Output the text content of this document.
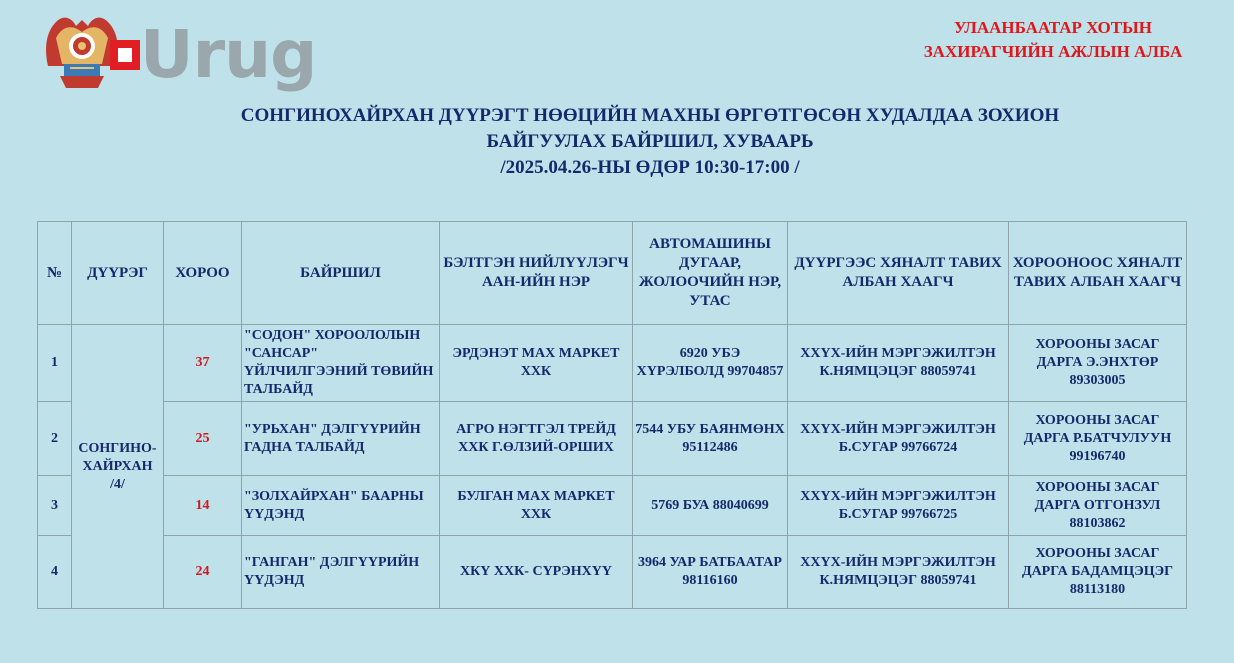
Urug	УЛААНБААТАР ХОТЫН
ЗАХИРАГЧИЙН АЖЛЫН АЛБА
СОНГИНОХАЙРХАН ДҮҮРЭГТ НӨӨЦИЙН МАХНЫ ӨРГӨТГӨСӨН ХУДАЛДАА ЗОХИОН
БАЙГУУЛАХ БАЙРШИЛ, ХУВААРЬ
/2025.04.26-НЫ ӨДӨР 10:30-17:00 /
№	ДҮҮРЭГ	ХОРОО	БАЙРШИЛ	БЭЛТГЭН НИЙЛҮҮЛЭГЧ ААН-ИЙН НЭР	АВТОМАШИНЫ ДУГААР, ЖОЛООЧИЙН НЭР, УТАС	ДҮҮРГЭЭС ХЯНАЛТ ТАВИХ АЛБАН ХААГЧ	ХОРООНООС ХЯНАЛТ ТАВИХ АЛБАН ХААГЧ
1	СОНГИНО-ХАЙРХАН /4/	37	"СОДОН" ХОРООЛОЛЫН "САНСАР" ҮЙЛЧИЛГЭЭНИЙ ТӨВИЙН ТАЛБАЙД	ЭРДЭНЭТ МАХ МАРКЕТ ХХК	6920 УБЭ ХҮРЭЛБОЛД 99704857	ХХҮХ-ИЙН МЭРГЭЖИЛТЭН К.НЯМЦЭЦЭГ 88059741	ХОРООНЫ ЗАСАГ ДАРГА Э.ЭНХТӨР 89303005
2		25	"УРЬХАН" ДЭЛГҮҮРИЙН ГАДНА ТАЛБАЙД	АГРО НЭГТГЭЛ ТРЕЙД ХХК Г.ӨЛЗИЙ-ОРШИХ	7544 УБУ БАЯНМӨНХ 95112486	ХХҮХ-ИЙН МЭРГЭЖИЛТЭН Б.СУГАР 99766724	ХОРООНЫ ЗАСАГ ДАРГА Р.БАТЧУЛУУН 99196740
3		14	"ЗОЛХАЙРХАН" БААРНЫ ҮҮДЭНД	БУЛГАН МАХ МАРКЕТ ХХК	5769 БУА 88040699	ХХҮХ-ИЙН МЭРГЭЖИЛТЭН Б.СУГАР 99766725	ХОРООНЫ ЗАСАГ ДАРГА ОТГОНЗУЛ 88103862
4		24	"ГАНГАН" ДЭЛГҮҮРИЙН ҮҮДЭНД	ХКҮ ХХК- СҮРЭНХҮҮ	3964 УАР БАТБААТАР 98116160	ХХҮХ-ИЙН МЭРГЭЖИЛТЭН К.НЯМЦЭЦЭГ 88059741	ХОРООНЫ ЗАСАГ ДАРГА БАДАМЦЭЦЭГ 88113180
